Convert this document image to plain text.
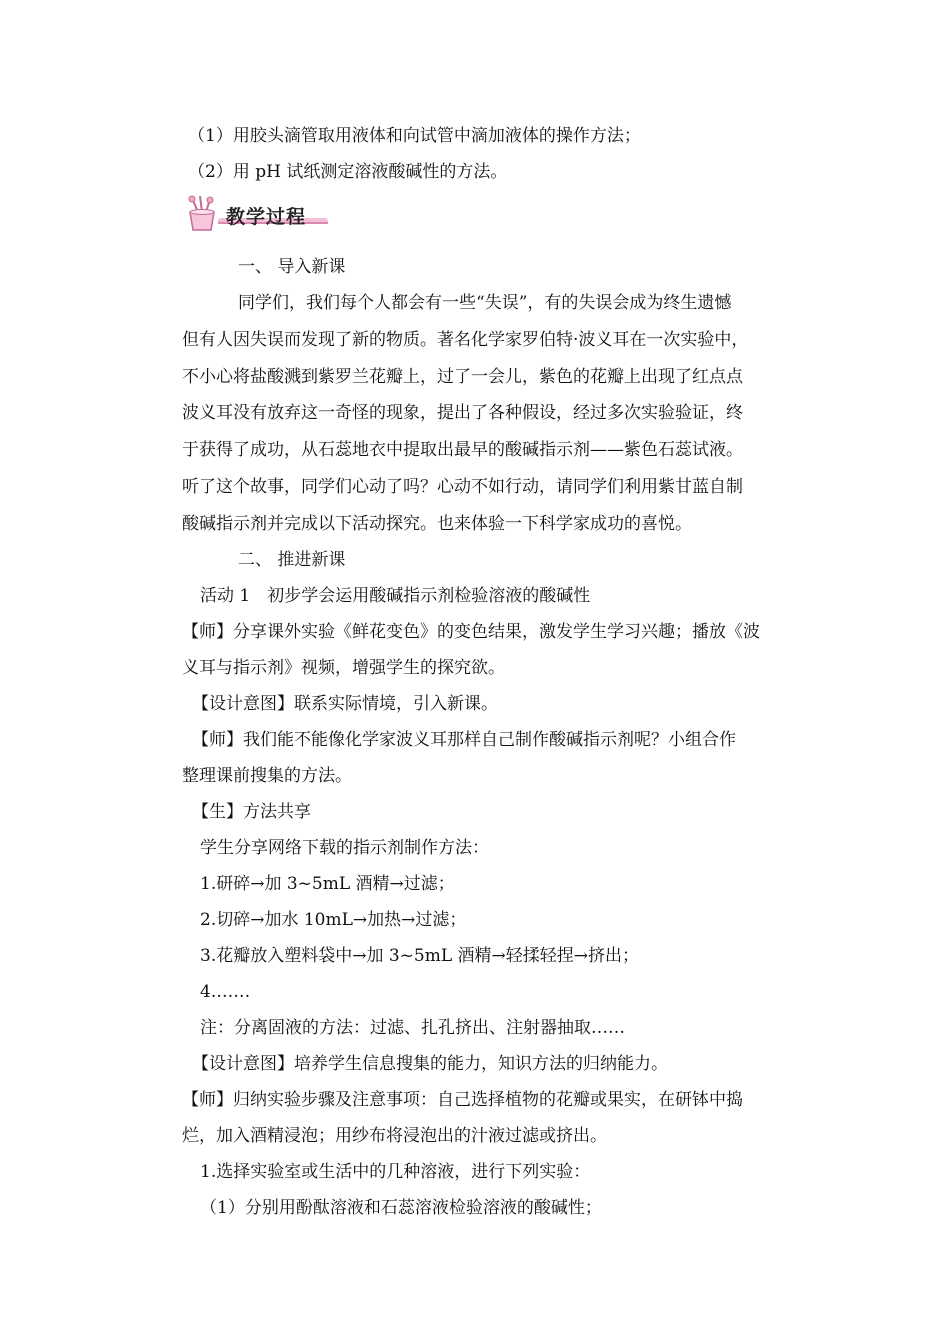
（1）用胶头滴管取用液体和向试管中滴加液体的操作方法；
（2）用 pH 试纸测定溶液酸碱性的方法。
教学过程
一、 导入新课
同学们，我们每个人都会有一些“失误”，有的失误会成为终生遗憾
但有人因失误而发现了新的物质。著名化学家罗伯特·波义耳在一次实验中，
不小心将盐酸溅到紫罗兰花瓣上，过了一会儿，紫色的花瓣上出现了红点点
波义耳没有放弃这一奇怪的现象，提出了各种假设，经过多次实验验证，终
于获得了成功，从石蕊地衣中提取出最早的酸碱指示剂——紫色石蕊试液。
听了这个故事，同学们心动了吗？心动不如行动，请同学们利用紫甘蓝自制
酸碱指示剂并完成以下活动探究。也来体验一下科学家成功的喜悦。
二、 推进新课
活动 1　初步学会运用酸碱指示剂检验溶液的酸碱性
【师】分享课外实验《鲜花变色》的变色结果，激发学生学习兴趣；播放《波
义耳与指示剂》视频，增强学生的探究欲。
【设计意图】联系实际情境，引入新课。
【师】我们能不能像化学家波义耳那样自己制作酸碱指示剂呢？小组合作
整理课前搜集的方法。
【生】方法共享
学生分享网络下载的指示剂制作方法：
1.研碎→加 3~5mL 酒精→过滤；
2.切碎→加水 10mL→加热→过滤；
3.花瓣放入塑料袋中→加 3~5mL 酒精→轻揉轻捏→挤出；
4.……
注：分离固液的方法：过滤、扎孔挤出、注射器抽取……
【设计意图】培养学生信息搜集的能力，知识方法的归纳能力。
【师】归纳实验步骤及注意事项：自己选择植物的花瓣或果实，在研钵中捣
烂，加入酒精浸泡；用纱布将浸泡出的汁液过滤或挤出。
1.选择实验室或生活中的几种溶液，进行下列实验：
（1）分别用酚酞溶液和石蕊溶液检验溶液的酸碱性；
